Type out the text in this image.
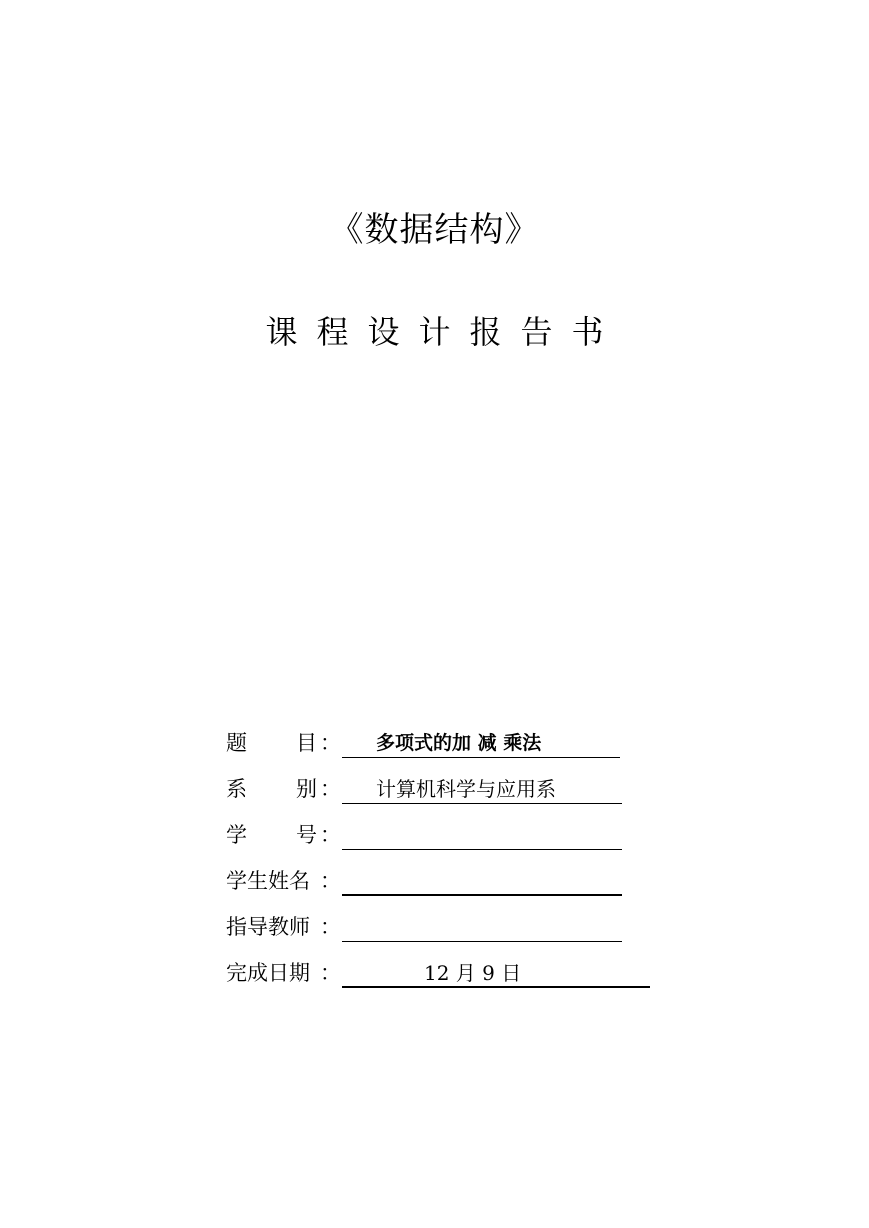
《数据结构》
课程设计报告书
题 目 ： 多项式的加 减 乘法
系 别 ： 计算机科学与应用系
学 号 ：
学生姓名 ：
指导教师 ：
完成日期 ：	12 月 9 日
